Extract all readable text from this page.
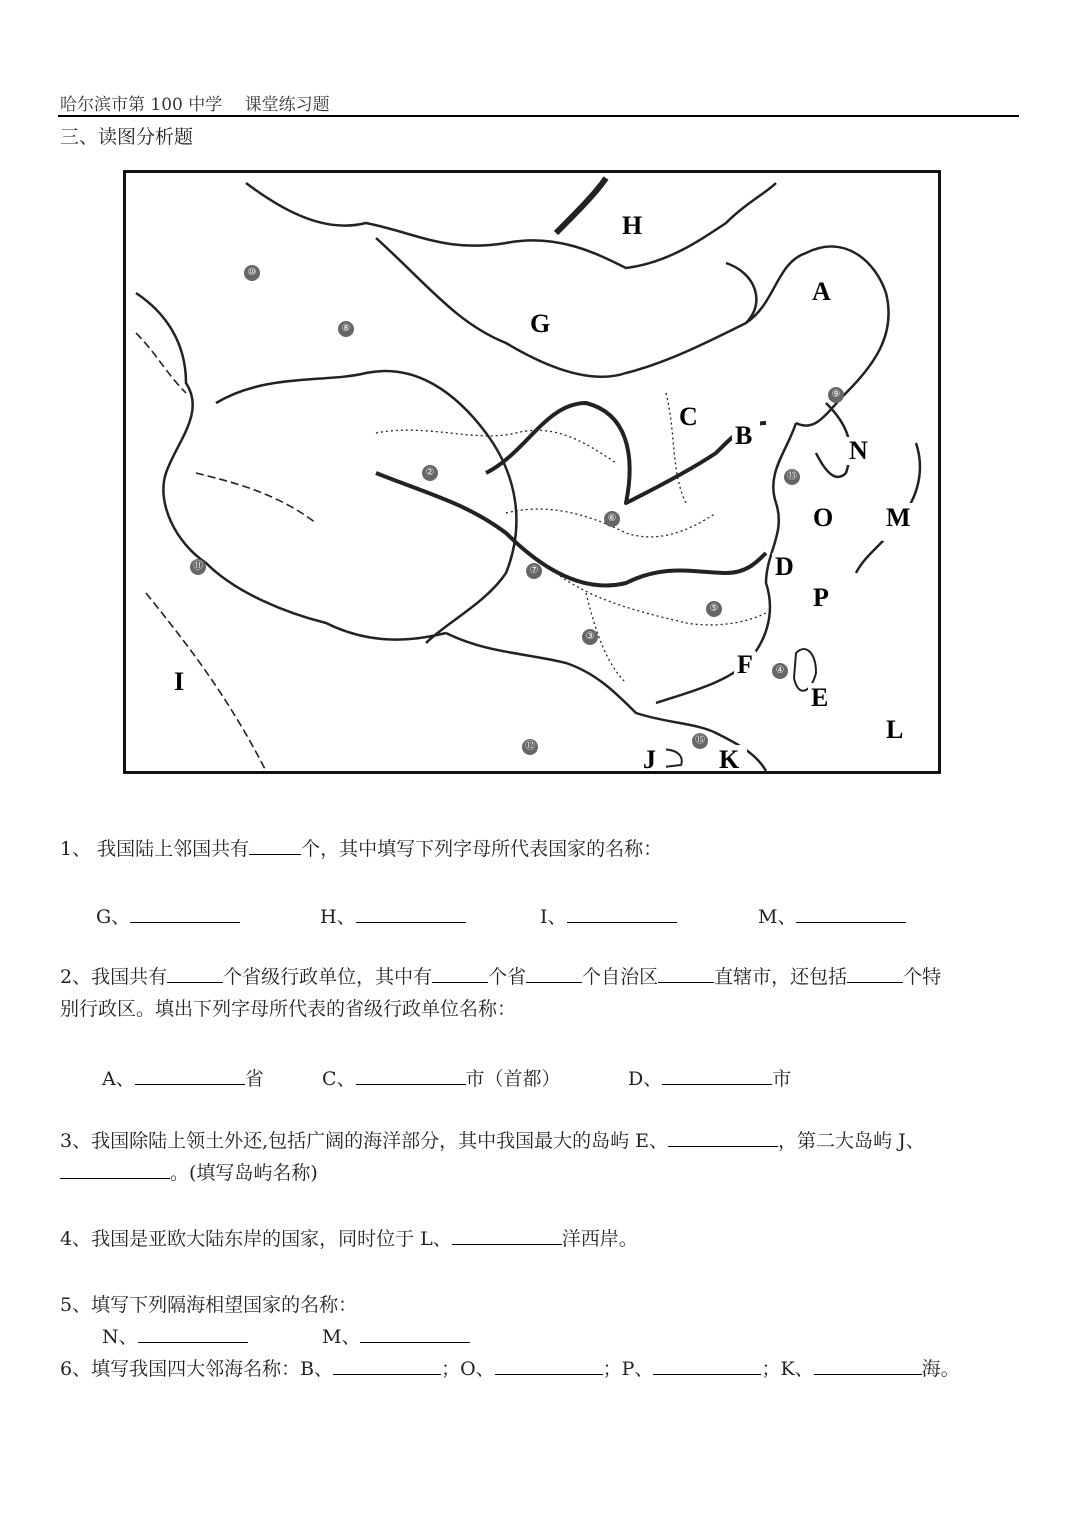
哈尔滨市第 100 中学　 课堂练习题
三、读图分析题
H
A
G
C
B
N
O M
D
P
F
E
L
I
J	K
⑩
⑧
⑨
②	⑬
⑥
⑪	⑦
⑤
③
④
⑫
⑮
1、 我国陆上邻国共有	个，其中填写下列字母所代表国家的名称：
G、	H、	I、	M、
2、我国共有	个省级行政单位，其中有	个省	个自治区	直辖市，还包括	个特
别行政区。填出下列字母所代表的省级行政单位名称：
A、	省	C、	市（首都）	D、	市
3、我国除陆上领土外还,包括广阔的海洋部分，其中我国最大的岛屿 E、	，第二大岛屿 J、
。(填写岛屿名称)
4、我国是亚欧大陆东岸的国家，同时位于 L、	洋西岸。
5、填写下列隔海相望国家的名称：
N、	M、
6、填写我国四大邻海名称：B、	；O、	；P、	；K、	海。
